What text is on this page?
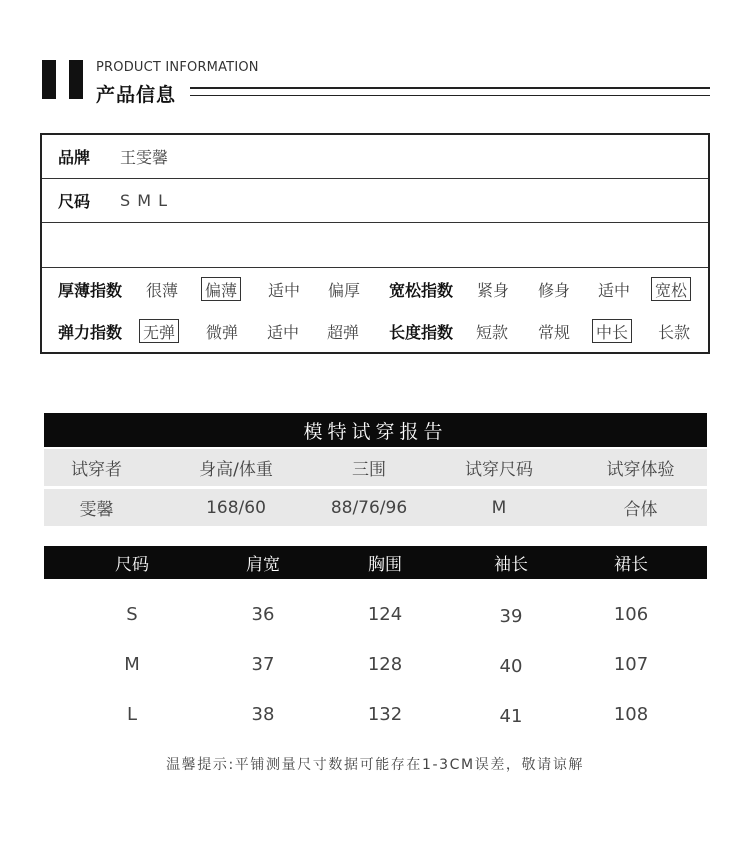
PRODUCT INFORMATION
产品信息
品牌 王雯馨
尺码 S M L
厚薄指数 很薄 偏薄 适中 偏厚 宽松指数 紧身 修身 适中 宽松
弹力指数 无弹 微弹 适中 超弹 长度指数 短款 常规 中长 长款
模特试穿报告
试穿者	身高/体重	三围	试穿尺码	试穿体验
雯馨	168/60	88/76/96	M	合体
尺码	肩宽	胸围	袖长	裙长
S	36	124	39	106
M	37	128	40	107
L	38	132	41	108
温馨提示:平铺测量尺寸数据可能存在1-3CM误差，敬请谅解
